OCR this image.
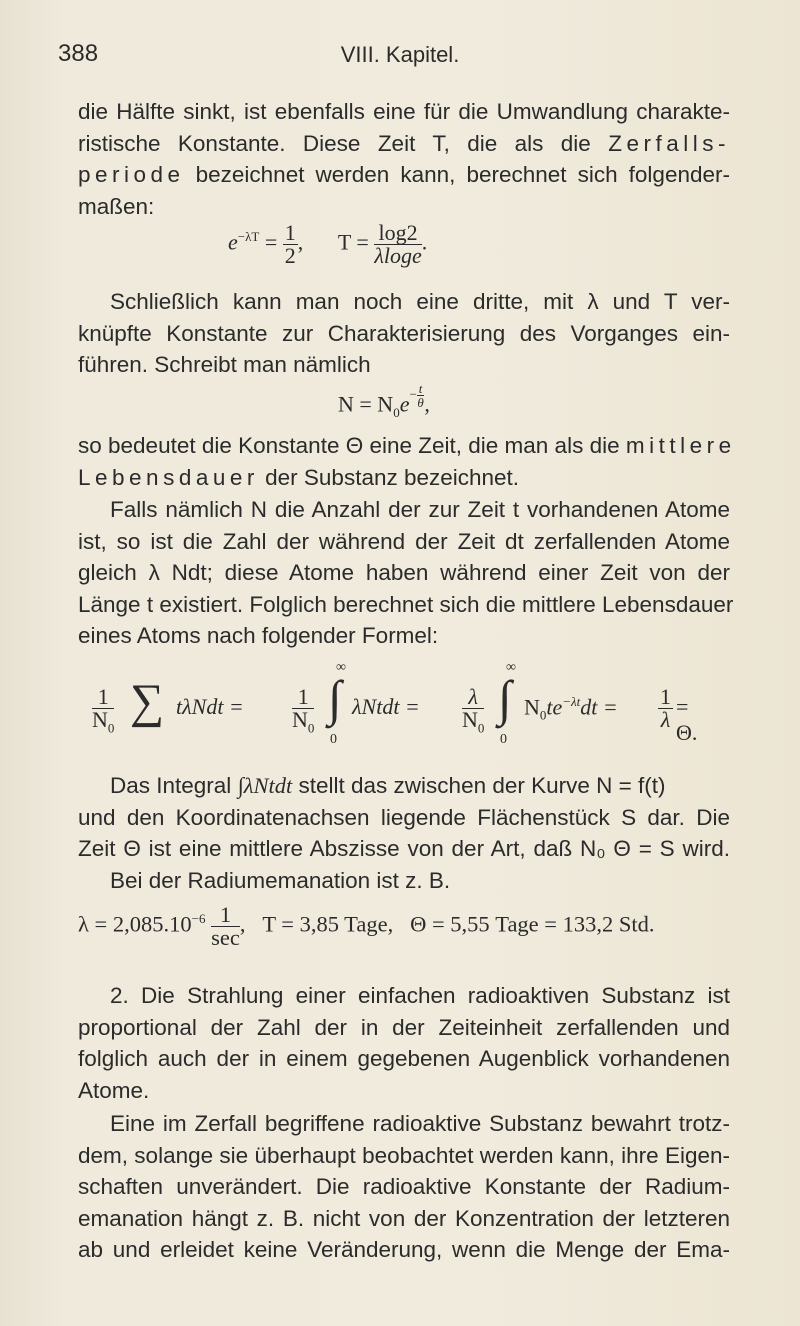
388	VIII. Kapitel.
die Hälfte sinkt, ist ebenfalls eine für die Umwandlung charakte-
ristische Konstante. Diese Zeit T, die als die Zerfalls-
periode bezeichnet werden kann, berechnet sich folgender-
maßen:
$e^{-\lambda T} = \frac{1}{2}$ , $T = \frac{\log 2}{\lambda\log e}$ .
Schließlich kann man noch eine dritte, mit λ und T ver-
knüpfte Konstante zur Charakterisierung des Vorganges ein-
führen. Schreibt man nämlich
$N = N_0e- \frac{t}{\theta}$ ,
so bedeutet die Konstante Θ eine Zeit, die man als die mittlere
Lebensdauer der Substanz bezeichnet.
Falls nämlich N die Anzahl der zur Zeit t vorhandenen Atome
ist, so ist die Zahl der während der Zeit dt zerfallenden Atome
gleich λ Ndt; diese Atome haben während einer Zeit von der
Länge t existiert. Folglich berechnet sich die mittlere Lebensdauer
eines Atoms nach folgender Formel:
$\frac{1}{N_0}$ ∑ $t\lambda Ndt = \frac{1}{N_0}$
∞
∫
0
λNtdt = $\frac{\lambda}{N_0}$
∞
∫
0
$N_0te^{-\lambda t}dt = \frac{1}{\lambda} = \Theta$.
Das Integral ∫λNtdt stellt das zwischen der Kurve N = f(t)
und den Koordinatenachsen liegende Flächenstück S dar. Die
Zeit Θ ist eine mittlere Abszisse von der Art, daß N₀ Θ = S wird.
Bei der Radiumemanation ist z. B.
$\lambda = 2,085.10^{-6} \frac{1}{\sec}$ ,   T = 3,85 Tage,   Θ = 5,55 Tage = 133,2 Std.
2. Die Strahlung einer einfachen radioaktiven Substanz ist
proportional der Zahl der in der Zeiteinheit zerfallenden und
folglich auch der in einem gegebenen Augenblick vorhandenen
Atome.
Eine im Zerfall begriffene radioaktive Substanz bewahrt trotz-
dem, solange sie überhaupt beobachtet werden kann, ihre Eigen-
schaften unverändert. Die radioaktive Konstante der Radium-
emanation hängt z. B. nicht von der Konzentration der letzteren
ab und erleidet keine Veränderung, wenn die Menge der Ema-
